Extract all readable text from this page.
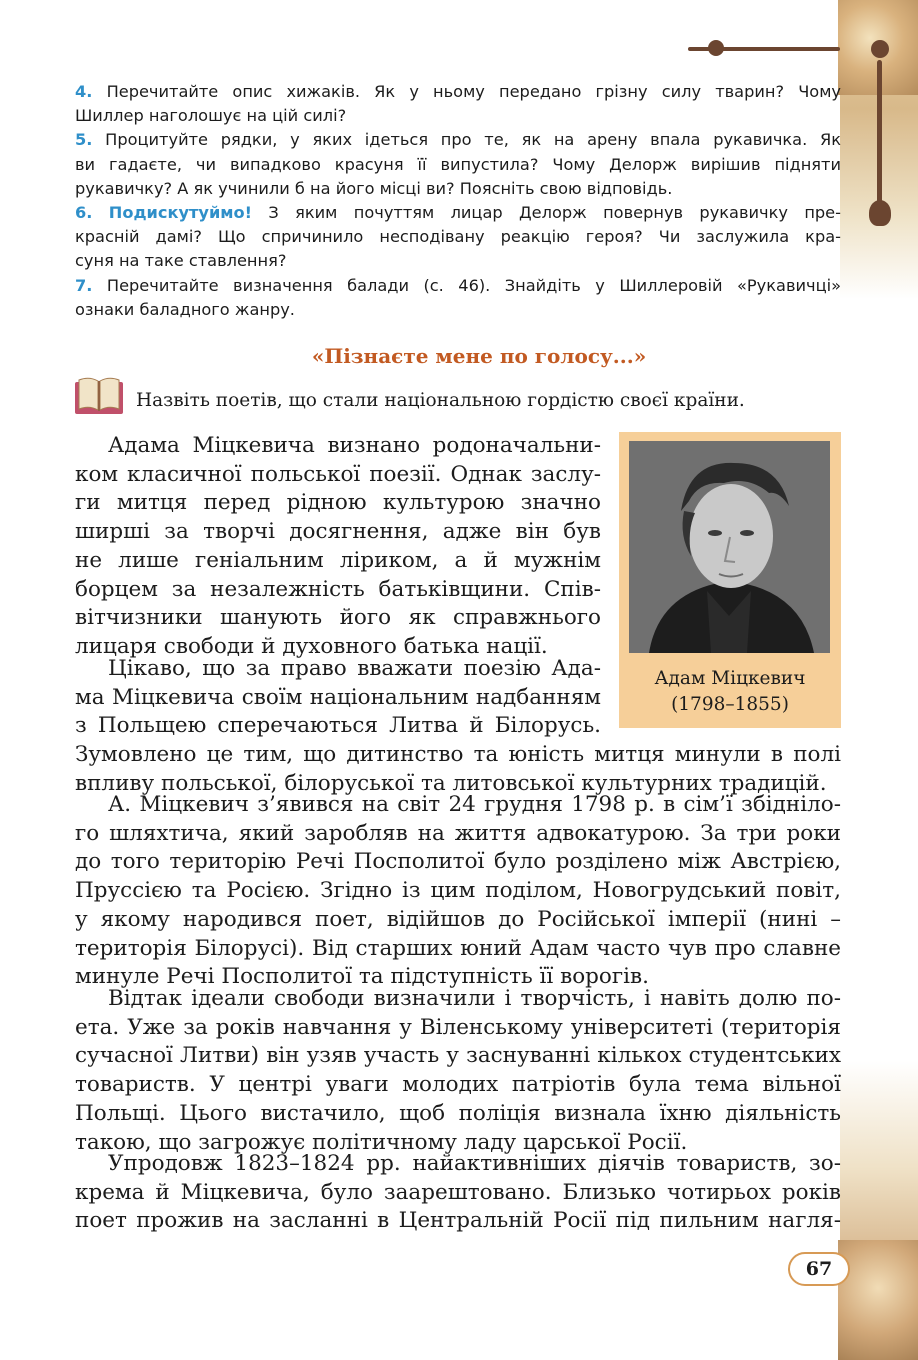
4. Перечитайте опис хижаків. Як у ньому передано грізну силу тварин? Чому
Шиллер наголошує на цій силі?
5. Процитуйте рядки, у яких ідеться про те, як на арену впала рукавичка. Як
ви гадаєте, чи випадково красуня її випустила? Чому Делорж вирішив підняти
рукавичку? А як учинили б на його місці ви? Поясніть свою відповідь.
6. Подискутуймо! З яким почуттям лицар Делорж повернув рукавичку пре-
красній дамі? Що спричинило несподівану реакцію героя? Чи заслужила кра-
суня на таке ставлення?
7. Перечитайте визначення балади (с. 46). Знайдіть у Шиллеровій «Рукавичці»
ознаки баладного жанру.
«Пізнаєте мене по голосу...»
Назвіть поетів, що стали національною гордістю своєї країни.
Адам Міцкевич
(1798–1855)
Адама Міцкевича визнано родоначальни-
ком класичної польської поезії. Однак заслу-
ги митця перед рідною культурою значно
ширші за творчі досягнення, адже він був
не лише геніальним ліриком, а й мужнім
борцем за незалежність батьківщини. Спів-
вітчизники шанують його як справжнього
лицаря свободи й духовного батька нації.
Цікаво, що за право вважати поезію Ада-
ма Міцкевича своїм національним надбанням
з Польщею сперечаються Литва й Білорусь.
Зумовлено це тим, що дитинство та юність митця минули в полі
впливу польської, білоруської та литовської культурних традицій.
А. Міцкевич з’явився на світ 24 грудня 1798 р. в сім’ї збідніло-
го шляхтича, який заробляв на життя адвокатурою. За три роки
до того територію Речі Посполитої було розділено між Австрією,
Пруссією та Росією. Згідно із цим поділом, Новогрудський повіт,
у якому народився поет, відійшов до Російської імперії (нині –
територія Білорусі). Від старших юний Адам часто чув про славне
минуле Речі Посполитої та підступність її ворогів.
Відтак ідеали свободи визначили і творчість, і навіть долю по-
ета. Уже за років навчання у Віленському університеті (територія
сучасної Литви) він узяв участь у заснуванні кількох студентських
товариств. У центрі уваги молодих патріотів була тема вільної
Польщі. Цього вистачило, щоб поліція визнала їхню діяльність
такою, що загрожує політичному ладу царської Росії.
Упродовж 1823–1824 рр. найактивніших діячів товариств, зо-
крема й Міцкевича, було заарештовано. Близько чотирьох років
поет прожив на засланні в Центральній Росії під пильним нагля-
67
